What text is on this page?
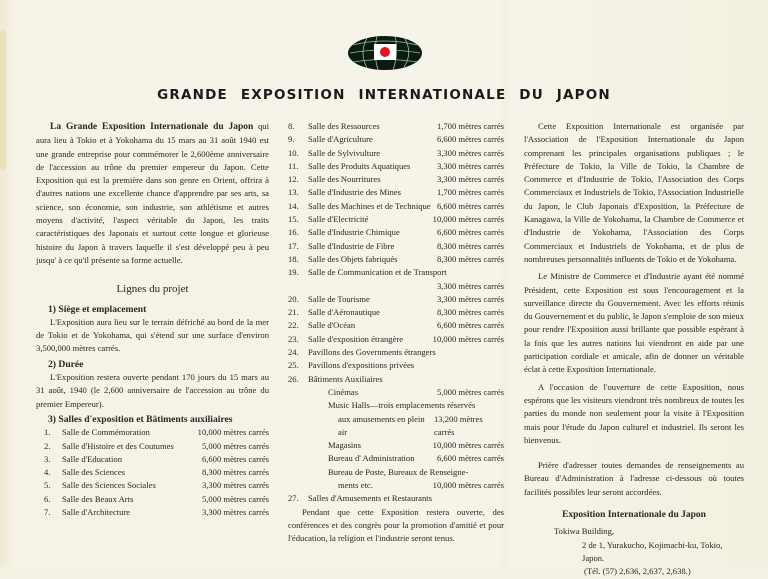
GRANDE EXPOSITION INTERNATIONALE DU JAPON

La Grande Exposition Internationale du Japon qui aura lieu à Tokio et à Yokohama du 15 mars au 31 août 1940 est une grande entreprise pour commémorer le 2,600ème anniversaire de l'accession au trône du premier empereur du Japon. Cette Exposition qui est la première dans son genre en Orient, offrira à d'autres nations une excellente chance d'apprendre par ses arts, sa science, son économie, son industrie, son athlétisme et autres moyens d'activité, l'aspect véritable du Japon, les traits caractéristiques des Japonais et surtout cette longue et glorieuse histoire du Japon à travers laquelle il s'est développé peu à peu jusqu' à ce qu'il présente sa forme actuelle.

Lignes du projet
1) Siège et emplacement

L'Exposition aura lieu sur le terrain défriché au bord de la mer de Tokio et de Yokohama, qui s'étend sur une surface d'environ 3,500,000 mètres carrés.

2) Durée

L'Exposition restera ouverte pendant 170 jours du 15 mars au 31 août, 1940 (le 2,600 anniversaire de l'accession au trône du premier Empereur).

3) Salles d'exposition et Bâtiments auxiliaires
1.	Salle de Commémoration	10,000 mètres carrés
2.	Salle d'Histoire et des Coutumes	5,000 mètres carrés
3.	Salle d'Education	6,600 mètres carrés
4.	Salle des Sciences	8,300 mètres carrés
5.	Salle des Sciences Sociales	3,300 mètres carrés
6.	Salle des Beaux Arts	5,000 mètres carrés
7.	Salle d'Architecture	3,300 mètres carrés
8.	Salle des Ressources	1,700 mètres carrés
9.	Salle d'Agriculture	6,600 mètres carrés
10.	Salle de Sylvivulture	3,300 mètres carrés
11.	Salle des Produits Aquatiques	3,300 mètres carrés
12.	Salle des Nourritures	3,300 mètres carrés
13.	Salle d'Industrie des Mines	1,700 mètres carrés
14.	Salle des Machines et de Technique 6,600 mètres carrés
15.	Salle d'Electricité	10,000 mètres carrés
16.	Salle d'Industrie Chimique	6,600 mètres carrés
17.	Salle d'Industrie de Fibre	8,300 mètres carrés
18.	Salle des Objets fabriqués	8,300 mètres carrés
19.	Salle de Communication et de Transport
3,300 mètres carrés
20.	Salle de Tourisme	3,300 mètres carrés
21.	Salle d'Aéronautique	8,300 mètres carrés
22.	Salle d'Océan	6,600 mètres carrés
23.	Salle d'exposition étrangère	10,000 mètres carrés
24.	Pavillons des Governments étrangers
25.	Pavillons d'expositions privées
26.	Bâtiments Auxiliaires
Cinémas	5,000 mètres carrés
Music Halls—trois emplacements réservés
aux amusements en plein air
13,200 mètres carrés
Magasins	10,000 mètres carrés
Bureau d' Administration	6,600 mètres carrés
Bureau de Poste, Bureaux de Renseigne-
ments etc.	10,000 mètres carrés
27.	Salles d'Amusements et Restaurants

Pendant que cette Exposition restera ouverte, des conférences et des congrès pour la promotion d'amitié et pour l'éducation, la religion et l'industrie seront tenus.

Cette Exposition Internationale est organisée par l'Association de l'Exposition Internationale du Japon comprenant les principales organisations publiques ; le Préfecture de Tokio, la Ville de Tokio, la Chambre de Commerce et d'Industrie de Tokio, l'Association des Corps Commerciaux et Industriels de Tokio, l'Association Industrielle du Japon, le Club Japonais d'Exposition, la Préfecture de Kanagawa, la Ville de Yokohama, la Chambre de Commerce et d'Industrie de Yokohama, l'Association des Corps Commerciaux et Industriels de Yokohama, et de plus de nombreuses personnalités influents de Tokio et de Yokohama.

Le Ministre de Commerce et d'Industrie ayant été nommé Président, cette Exposition est sous l'encouragement et la surveillance directe du Gouvernement. Avec les efforts réunis du Gouvernement et du public, le Japon s'emploie de son mieux pour rendre l'Exposition aussi brillante que possible espérant à la fois que les autres nations lui viendront en aide par une participation cordiale et amicale, afin de donner un véritable éclat à cette Exposition Internationale.

A l'occasion de l'ouverture de cette Exposition, nous espérons que les visiteurs viendront très nombreux de toutes les parties du monde non seulement pour la visite à l'Exposition mais pour l'étude du Japon culturel et industriel. Ils seront les bienvenus.

Prière d'adresser toutes demandes de renseignements au Bureau d'Administration à l'adresse ci-dessous où toutes facilités possibles leur seront accordées.

Exposition Internationale du Japon
Tokiwa Building,
2 de 1, Yurakucho, Kojimachi-ku, Tokio, Japon.
(Tél. (57) 2,636, 2,637, 2,638.)
